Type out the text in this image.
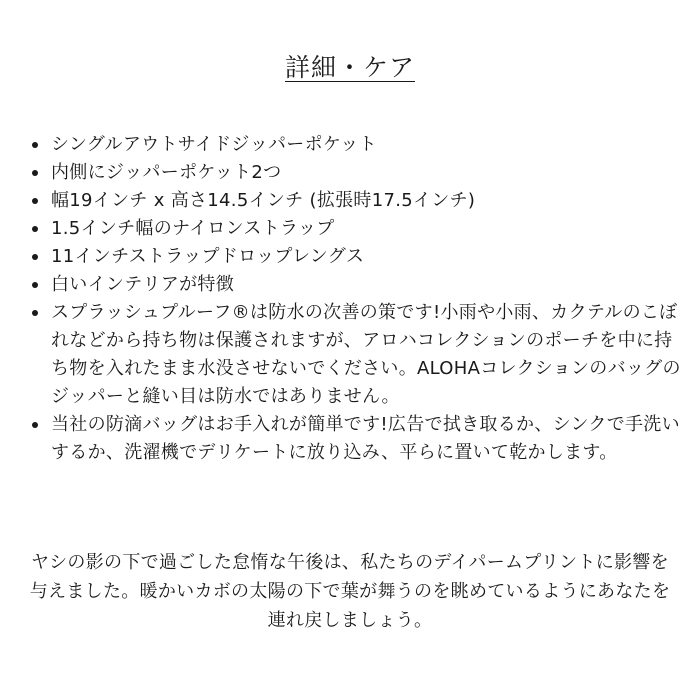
詳細・ケア
シングルアウトサイドジッパーポケット
内側にジッパーポケット2つ
幅19インチ x 高さ14.5インチ (拡張時17.5インチ)
1.5インチ幅のナイロンストラップ
11インチストラップドロップレングス
白いインテリアが特徴
スプラッシュプルーフ®は防水の次善の策です!小雨や小雨、カクテルのこぼれなどから持ち物は保護されますが、アロハコレクションのポーチを中に持ち物を入れたまま水没させないでください。ALOHAコレクションのバッグのジッパーと縫い目は防水ではありません。
当社の防滴バッグはお手入れが簡単です!広告で拭き取るか、シンクで手洗いするか、洗濯機でデリケートに放り込み、平らに置いて乾かします。

ヤシの影の下で過ごした怠惰な午後は、私たちのデイパームプリントに影響を与えました。暖かいカボの太陽の下で葉が舞うのを眺めているようにあなたを連れ戻しましょう。
